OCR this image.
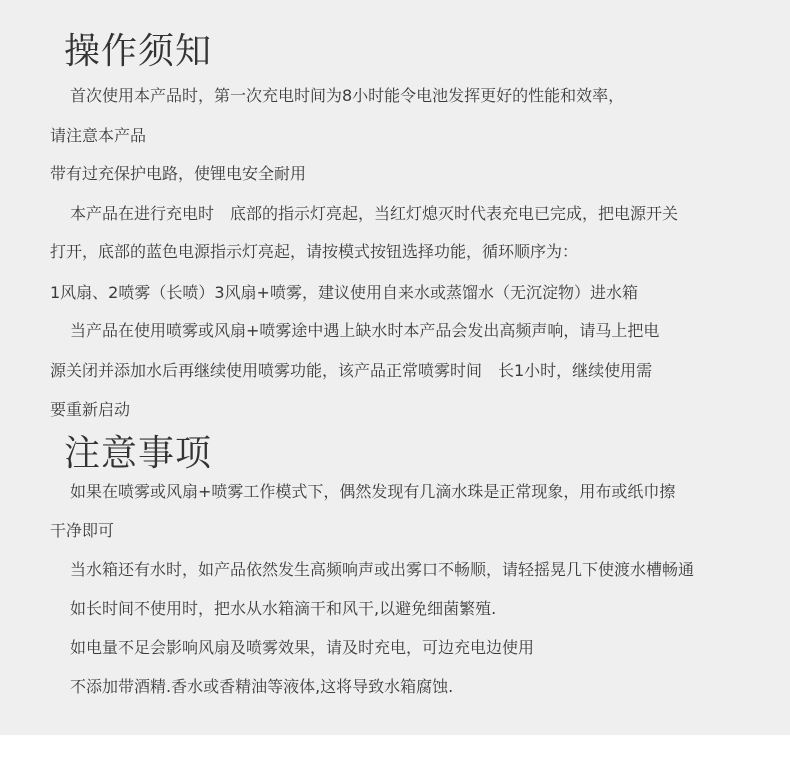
操作须知

首次使用本产品时，第一次充电时间为8小时能令电池发挥更好的性能和效率，

请注意本产品

带有过充保护电路，使锂电安全耐用

本产品在进行充电时　底部的指示灯亮起，当红灯熄灭时代表充电已完成，把电源开关

打开，底部的蓝色电源指示灯亮起，请按模式按钮选择功能，循环顺序为：

1风扇、2喷雾（长喷）3风扇+喷雾，建议使用自来水或蒸馏水（无沉淀物）进水箱

当产品在使用喷雾或风扇+喷雾途中遇上缺水时本产品会发出高频声响，请马上把电

源关闭并添加水后再继续使用喷雾功能，该产品正常喷雾时间　长1小时，继续使用需

要重新启动

注意事项

如果在喷雾或风扇+喷雾工作模式下，偶然发现有几滴水珠是正常现象，用布或纸巾擦

干净即可

当水箱还有水时，如产品依然发生高频响声或出雾口不畅顺，请轻摇晃几下使渡水槽畅通

如长时间不使用时，把水从水箱滴干和风干,以避免细菌繁殖.

如电量不足会影响风扇及喷雾效果，请及时充电，可边充电边使用

不添加带酒精.香水或香精油等液体,这将导致水箱腐蚀.
